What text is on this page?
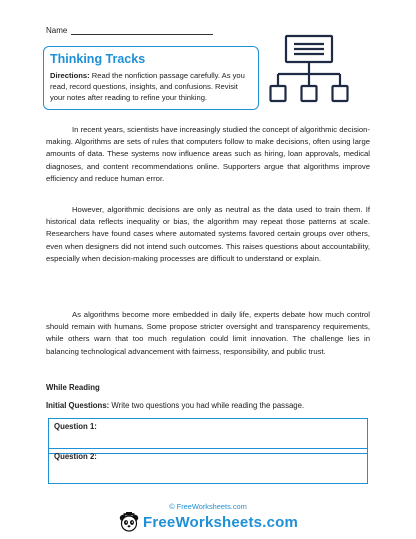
Name
Thinking Tracks
Directions: Read the nonfiction passage carefully. As you read, record questions, insights, and confusions. Revisit your notes after reading to refine your thinking.

In recent years, scientists have increasingly studied the concept of algorithmic decision-making. Algorithms are sets of rules that computers follow to make decisions, often using large amounts of data. These systems now influence areas such as hiring, loan approvals, medical diagnoses, and content recommendations online. Supporters argue that algorithms improve efficiency and reduce human error.

However, algorithmic decisions are only as neutral as the data used to train them. If historical data reflects inequality or bias, the algorithm may repeat those patterns at scale. Researchers have found cases where automated systems favored certain groups over others, even when designers did not intend such outcomes. This raises questions about accountability, especially when decision-making processes are difficult to understand or explain.

As algorithms become more embedded in daily life, experts debate how much control should remain with humans. Some propose stricter oversight and transparency requirements, while others warn that too much regulation could limit innovation. The challenge lies in balancing technological advancement with fairness, responsibility, and public trust.

While Reading
Initial Questions: Write two questions you had while reading the passage.
Question 1:
Question 2:
© FreeWorksheets.com
FreeWorksheets.com
